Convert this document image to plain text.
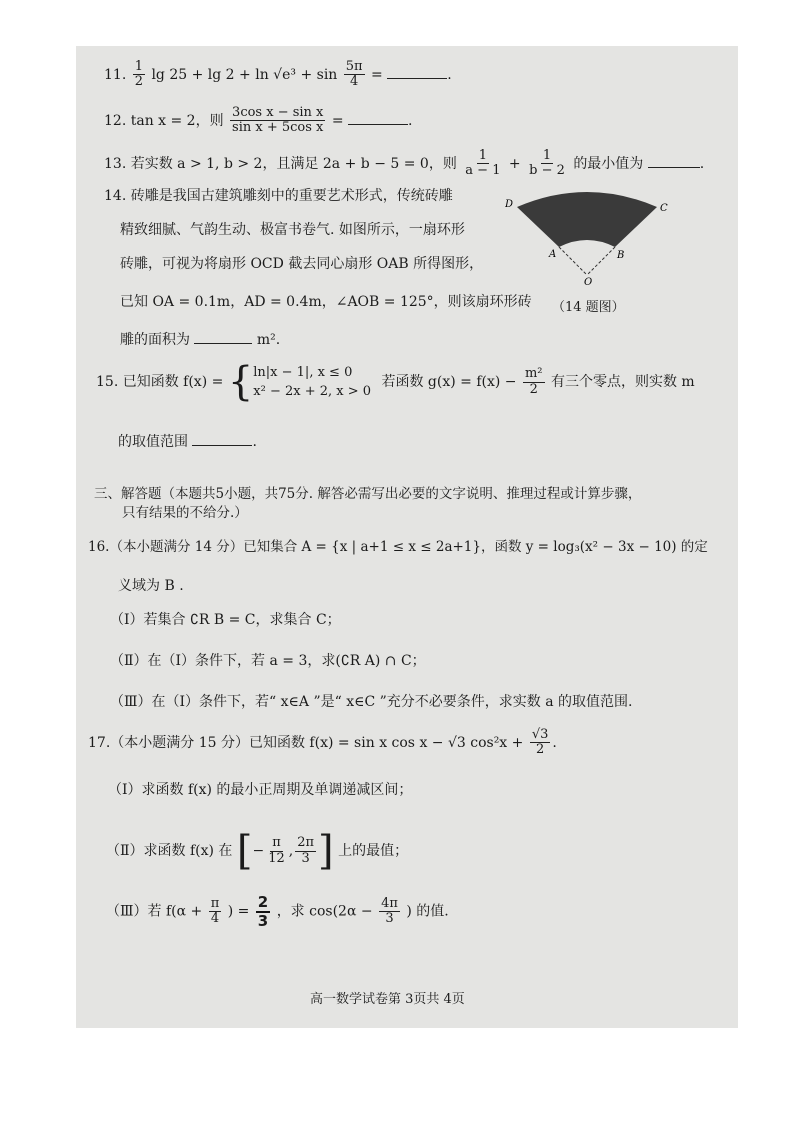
11. $\frac{1}{2}$ $\lg 25 + \lg 2 + \ln √e^3 + \sin \frac{5\pi}{4}$ =	.
12. tan x = 2，则 $\frac{\text{3cos x − sin x}}{\text{sin x + 5cos x}}$ =	.
13. 若实数 a > 1, b > 2，且满足 2a + b − 5 = 0，则 $\frac{1}{a - 1} + \frac{1}{b - 2}$ 的最小值为	.
14. 砖雕是我国古建筑雕刻中的重要艺术形式，传统砖雕
精致细腻、气韵生动、极富书卷气. 如图所示，一扇环形
砖雕，可视为将扇形 OCD 截去同心扇形 OAB 所得图形，
已知 OA = 0.1m，AD = 0.4m，∠AOB = 125°，则该扇环形砖
雕的面积为	m².
15. 已知函数 f(x) = { ln|x − 1|, x ≤ 0
x² − 2x + 2, x > 0
若函数 $g(x) = f(x) - \frac{\text{m²}}{2}$ 有三个零点，则实数 m
的取值范围	.
三、解答题（本题共5小题，共75分. 解答必需写出必要的文字说明、推理过程或计算步骤，
只有结果的不给分.）
16.（本小题满分 14 分）已知集合 A = {x | a+1 ≤ x ≤ 2a+1}，函数 y = log₃(x² − 3x − 10) 的定
义域为 B .
（Ⅰ）若集合 ∁R B = C，求集合 C；
（Ⅱ）在（Ⅰ）条件下，若 a = 3，求(∁R A) ∩ C；
（Ⅲ）在（Ⅰ）条件下，若“ x∈A ”是“ x∈C ”充分不必要条件，求实数 a 的取值范围.
17.（本小题满分 15 分）已知函数 f(x) = sin x cos x − √3 $\cos^2x + \frac{√3}{2}$ .
（Ⅰ）求函数 f(x) 的最小正周期及单调递减区间；
（Ⅱ）求函数 f(x) 在 [− $\frac{\pi}{12}$ , $\frac{2\pi}{3}$ ] 上的最值；
（Ⅲ）若 $f(\alpha + \frac{\pi}{4}$ ) = $\frac{2}{3}$ ，求 $\cos(2\alpha - \frac{4\pi}{3}$ ) 的值.
高一数学试卷第 3页共 4页
D	C
A	B
O
（14 题图）
